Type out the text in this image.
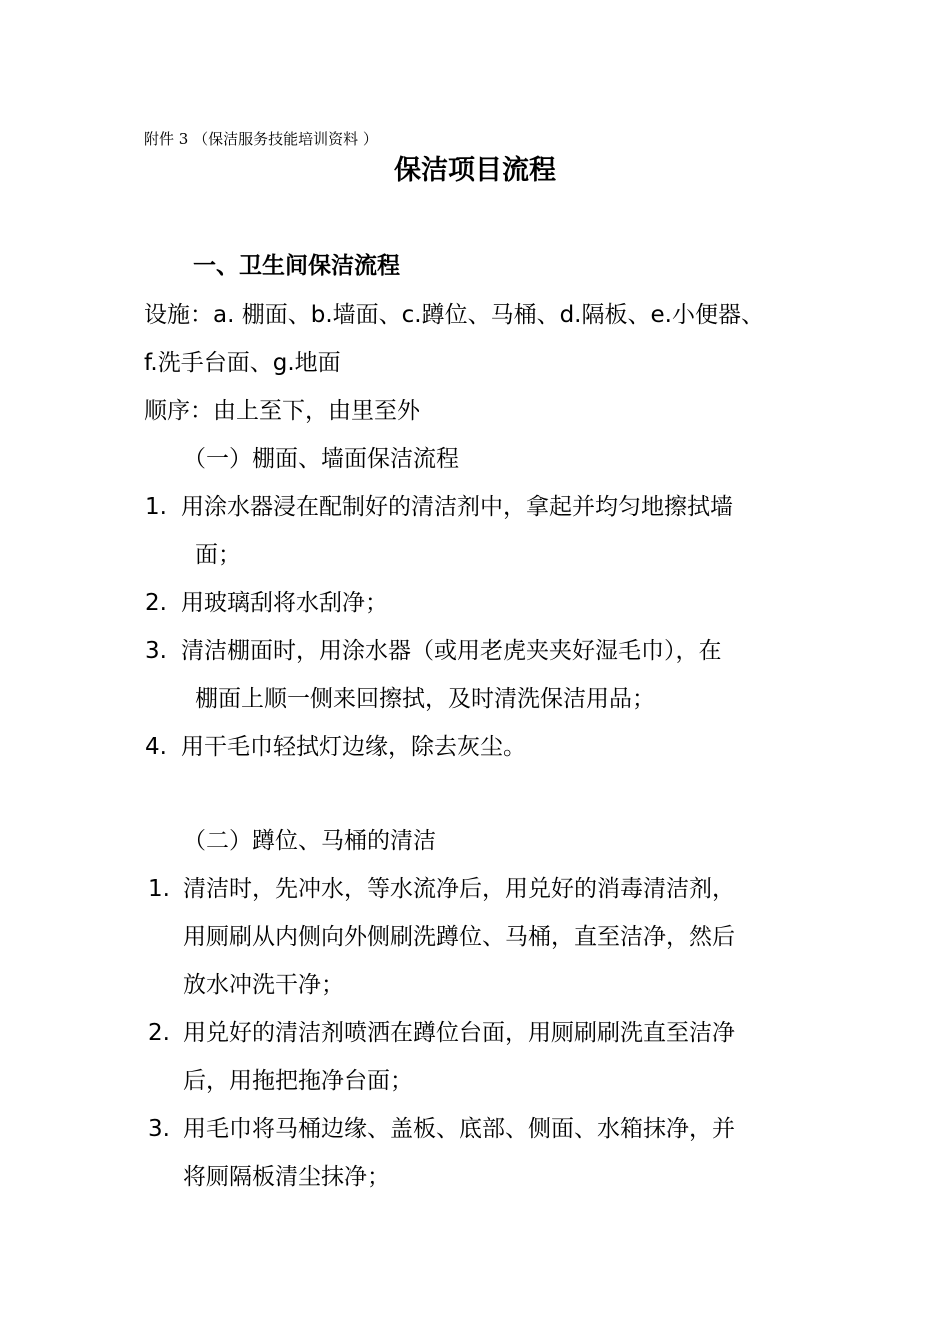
附件 3 （保洁服务技能培训资料 ）
保洁项目流程
一、卫生间保洁流程
设施：a. 棚面、b.墙面、c.蹲位、马桶、d.隔板、e.小便器、
f.洗手台面、g.地面
顺序：由上至下，由里至外
（一）棚面、墙面保洁流程
1. 用涂水器浸在配制好的清洁剂中，拿起并均匀地擦拭墙
面；
2. 用玻璃刮将水刮净；
3. 清洁棚面时，用涂水器（或用老虎夹夹好湿毛巾），在
棚面上顺一侧来回擦拭，及时清洗保洁用品；
4. 用干毛巾轻拭灯边缘，除去灰尘。
（二）蹲位、马桶的清洁
1. 清洁时，先冲水，等水流净后，用兑好的消毒清洁剂，
用厕刷从内侧向外侧刷洗蹲位、马桶，直至洁净，然后
放水冲洗干净；
2. 用兑好的清洁剂喷洒在蹲位台面，用厕刷刷洗直至洁净
后，用拖把拖净台面；
3. 用毛巾将马桶边缘、盖板、底部、侧面、水箱抹净，并
将厕隔板清尘抹净；
